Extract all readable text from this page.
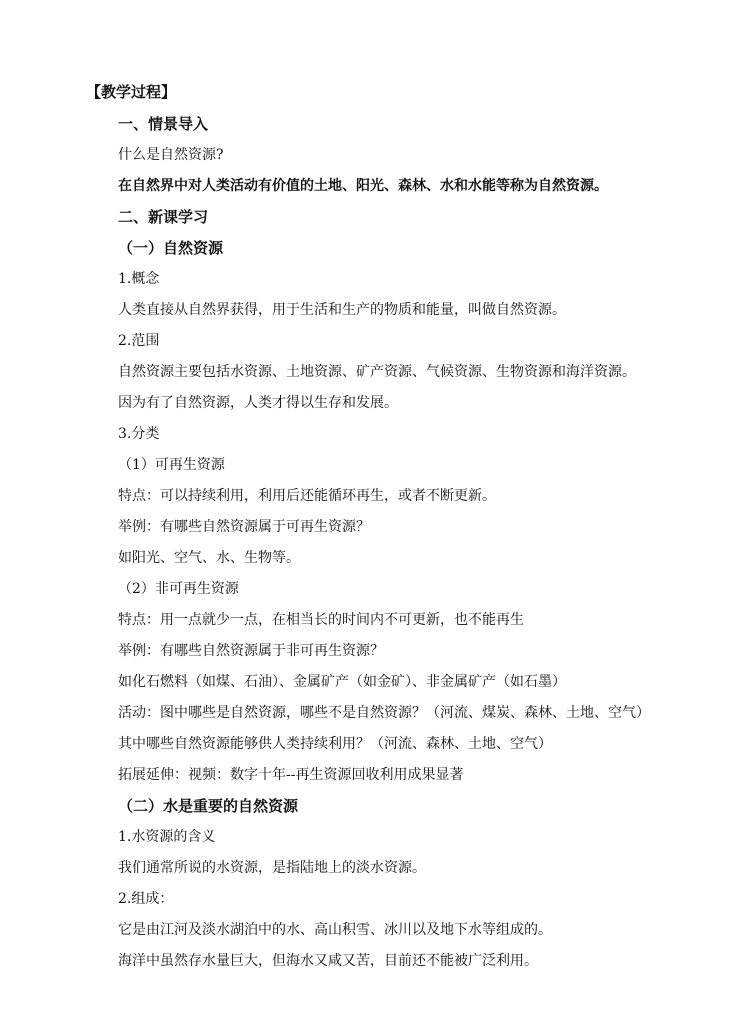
【教学过程】
一、情景导入
什么是自然资源?
在自然界中对人类活动有价值的土地、阳光、森林、水和水能等称为自然资源。
二、新课学习
（一）自然资源
1.概念
人类直接从自然界获得，用于生活和生产的物质和能量，叫做自然资源。
2.范围
自然资源主要包括水资源、土地资源、矿产资源、气候资源、生物资源和海洋资源。
因为有了自然资源，人类才得以生存和发展。
3.分类
（1）可再生资源
特点：可以持续利用，利用后还能循环再生，或者不断更新。
举例：有哪些自然资源属于可再生资源？
如阳光、空气、水、生物等。
（2）非可再生资源
特点：用一点就少一点，在相当长的时间内不可更新，也不能再生
举例：有哪些自然资源属于非可再生资源？
如化石燃料（如煤、石油）、金属矿产（如金矿）、非金属矿产（如石墨）
活动：图中哪些是自然资源，哪些不是自然资源？（河流、煤炭、森林、土地、空气）
其中哪些自然资源能够供人类持续利用？（河流、森林、土地、空气）
拓展延伸：视频：数字十年--再生资源回收利用成果显著
（二）水是重要的自然资源
1.水资源的含义
我们通常所说的水资源，是指陆地上的淡水资源。
2.组成：
它是由江河及淡水湖泊中的水、高山积雪、冰川以及地下水等组成的。
海洋中虽然存水量巨大，但海水又咸又苦，目前还不能被广泛利用。
